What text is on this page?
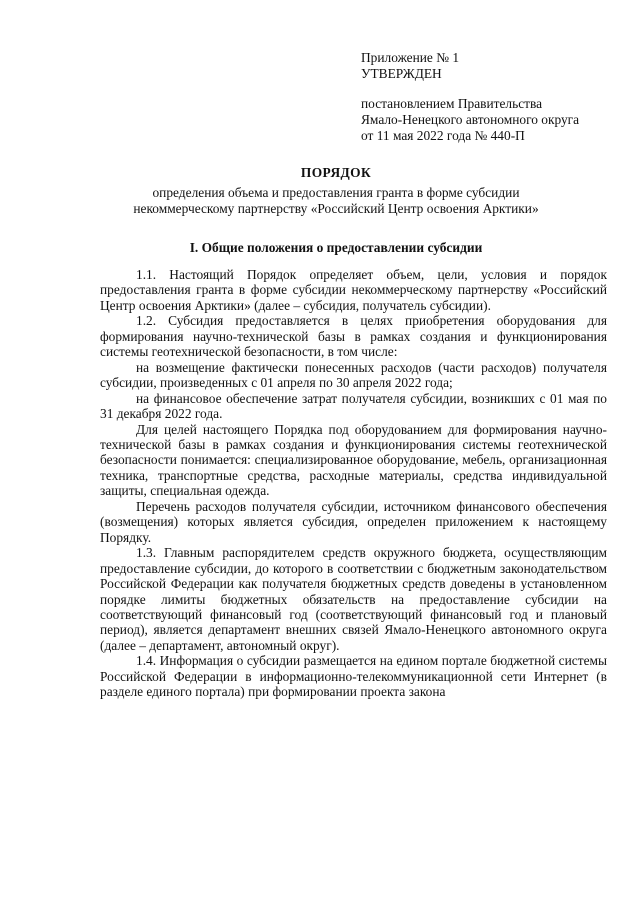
Приложение № 1
УТВЕРЖДЕН
постановлением Правительства
Ямало-Ненецкого автономного округа
от 11 мая 2022 года № 440-П
ПОРЯДОК
определения объема и предоставления гранта в форме субсидии
некоммерческому партнерству «Российский Центр освоения Арктики»
I. Общие положения о предоставлении субсидии

1.1. Настоящий Порядок определяет объем, цели, условия и порядок предоставления гранта в форме субсидии некоммерческому партнерству «Российский Центр освоения Арктики» (далее – субсидия, получатель субсидии).

1.2. Субсидия предоставляется в целях приобретения оборудования для формирования научно-технической базы в рамках создания и функционирования системы геотехнической безопасности, в том числе:

на возмещение фактически понесенных расходов (части расходов) получателя субсидии, произведенных с 01 апреля по 30 апреля 2022 года;

на финансовое обеспечение затрат получателя субсидии, возникших с 01 мая по 31 декабря 2022 года.

Для целей настоящего Порядка под оборудованием для формирования научно-технической базы в рамках создания и функционирования системы геотехнической безопасности понимается: специализированное оборудование, мебель, организационная техника, транспортные средства, расходные материалы, средства индивидуальной защиты, специальная одежда.

Перечень расходов получателя субсидии, источником финансового обеспечения (возмещения) которых является субсидия, определен приложением к настоящему Порядку.

1.3. Главным распорядителем средств окружного бюджета, осуществляющим предоставление субсидии, до которого в соответствии с бюджетным законодательством Российской Федерации как получателя бюджетных средств доведены в установленном порядке лимиты бюджетных обязательств на предоставление субсидии на соответствующий финансовый год (соответствующий финансовый год и плановый период), является департамент внешних связей Ямало-Ненецкого автономного округа (далее – департамент, автономный округ).

1.4. Информация о субсидии размещается на едином портале бюджетной системы Российской Федерации в информационно-телекоммуникационной сети Интернет (в разделе единого портала) при формировании проекта закона
